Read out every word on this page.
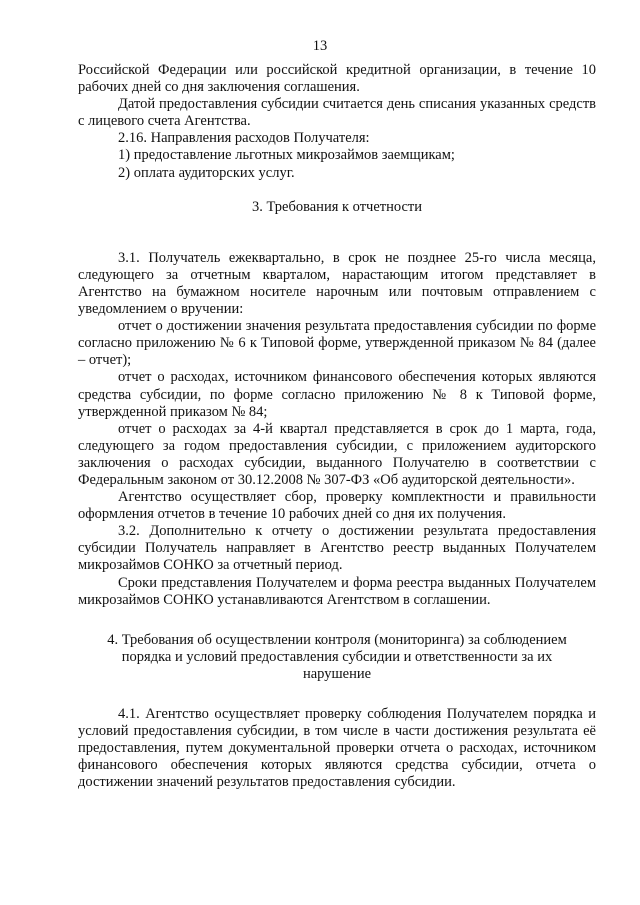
13

Российской Федерации или российской кредитной организации, в течение 10 рабочих дней со дня заключения соглашения.

Датой предоставления субсидии считается день списания указанных средств с лицевого счета Агентства.

2.16. Направления расходов Получателя:

1) предоставление льготных микрозаймов заемщикам;

2) оплата аудиторских услуг.

3. Требования к отчетности

3.1. Получатель ежеквартально, в срок не позднее 25-го числа месяца, следующего за отчетным кварталом, нарастающим итогом представляет в Агентство на бумажном носителе нарочным или почтовым отправлением с уведомлением о вручении:

отчет о достижении значения результата предоставления субсидии по форме согласно приложению № 6 к Типовой форме, утвержденной приказом № 84 (далее – отчет);

отчет о расходах, источником финансового обеспечения которых являются средства субсидии, по форме согласно приложению № 8 к Типовой форме, утвержденной приказом № 84;

отчет о расходах за 4-й квартал представляется в срок до 1 марта, года, следующего за годом предоставления субсидии, с приложением аудиторского заключения о расходах субсидии, выданного Получателю в соответствии с Федеральным законом от 30.12.2008 № 307-ФЗ «Об аудиторской деятельности».

Агентство осуществляет сбор, проверку комплектности и правильности оформления отчетов в течение 10 рабочих дней со дня их получения.

3.2. Дополнительно к отчету о достижении результата предоставления субсидии Получатель направляет в Агентство реестр выданных Получателем микрозаймов СОНКО за отчетный период.

Сроки представления Получателем и форма реестра выданных Получателем микрозаймов СОНКО устанавливаются Агентством в соглашении.

4. Требования об осуществлении контроля (мониторинга) за соблюдением порядка и условий предоставления субсидии и ответственности за их нарушение

4.1. Агентство осуществляет проверку соблюдения Получателем порядка и условий предоставления субсидии, в том числе в части достижения результата её предоставления, путем документальной проверки отчета о расходах, источником финансового обеспечения которых являются средства субсидии, отчета о достижении значений результатов предоставления субсидии.
